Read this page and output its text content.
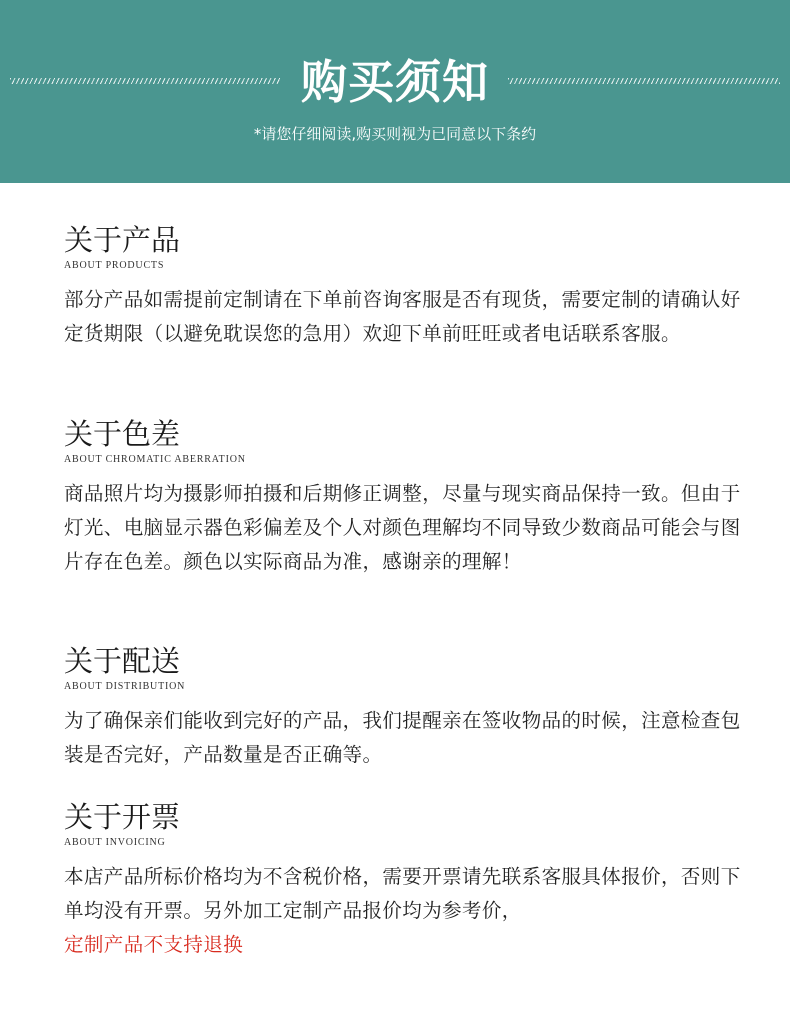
购买须知
*请您仔细阅读,购买则视为已同意以下条约
关于产品
ABOUT PRODUCTS
部分产品如需提前定制请在下单前咨询客服是否有现货，需要定制的请确认好定货期限（以避免耽误您的急用）欢迎下单前旺旺或者电话联系客服。
关于色差
ABOUT CHROMATIC ABERRATION
商品照片均为摄影师拍摄和后期修正调整，尽量与现实商品保持一致。但由于灯光、电脑显示器色彩偏差及个人对颜色理解均不同导致少数商品可能会与图片存在色差。颜色以实际商品为准，感谢亲的理解！
关于配送
ABOUT DISTRIBUTION
为了确保亲们能收到完好的产品，我们提醒亲在签收物品的时候，注意检查包装是否完好，产品数量是否正确等。
关于开票
ABOUT INVOICING
本店产品所标价格均为不含税价格，需要开票请先联系客服具体报价，否则下单均没有开票。另外加工定制产品报价均为参考价，
定制产品不支持退换
